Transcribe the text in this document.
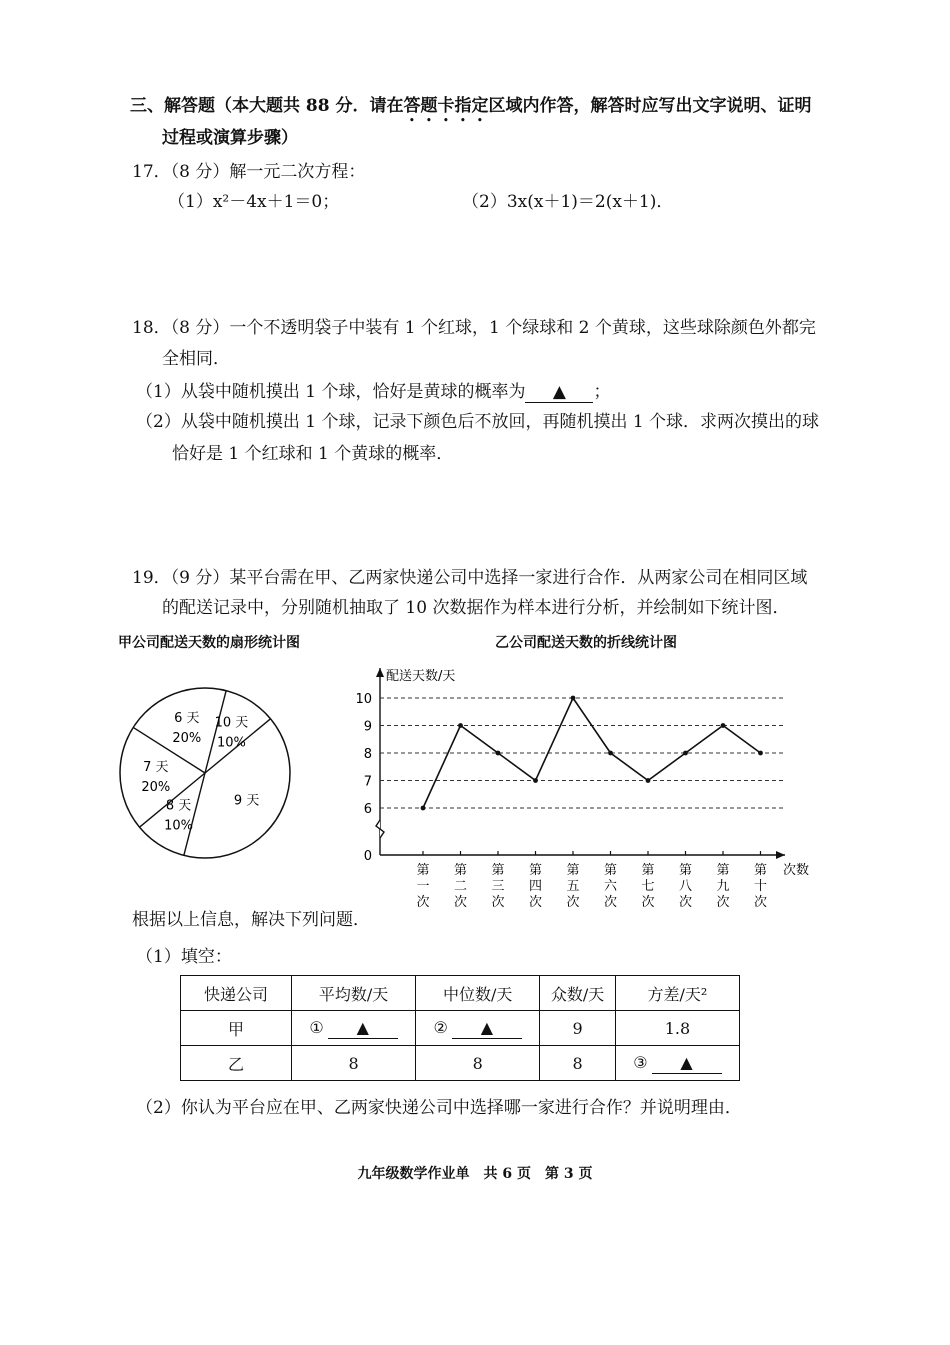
三、解答题（本大题共 88 分．请在答题卡指定区域内作答，解答时应写出文字说明、证明
过程或演算步骤）
17．（8 分）解一元二次方程：
（1）x²－4x＋1＝0；	（2）3x(x＋1)＝2(x＋1)．
18．（8 分）一个不透明袋子中装有 1 个红球，1 个绿球和 2 个黄球，这些球除颜色外都完
全相同．
（1）从袋中随机摸出 1 个球，恰好是黄球的概率为 ▲ ；
（2）从袋中随机摸出 1 个球，记录下颜色后不放回，再随机摸出 1 个球．求两次摸出的球
恰好是 1 个红球和 1 个黄球的概率．
19．（9 分）某平台需在甲、乙两家快递公司中选择一家进行合作．从两家公司在相同区域
的配送记录中，分别随机抽取了 10 次数据作为样本进行分析，并绘制如下统计图．
甲公司配送天数的扇形统计图	乙公司配送天数的折线统计图
10 天
10%
9 天
8 天
10%
7 天
20%
6 天
20%
配送天数/天
次数
0
6
7
8
9
10
第一次
第二次
第三次
第四次
第五次
第六次
第七次
第八次
第九次
第十次
根据以上信息，解决下列问题．
（1）填空：
快递公司	平均数/天	中位数/天	众数/天	方差/天²
甲	① ▲	② ▲	9	1.8
乙	8	8	8	③ ▲
（2）你认为平台应在甲、乙两家快递公司中选择哪一家进行合作？并说明理由．
九年级数学作业单　共 6 页　第 3 页
